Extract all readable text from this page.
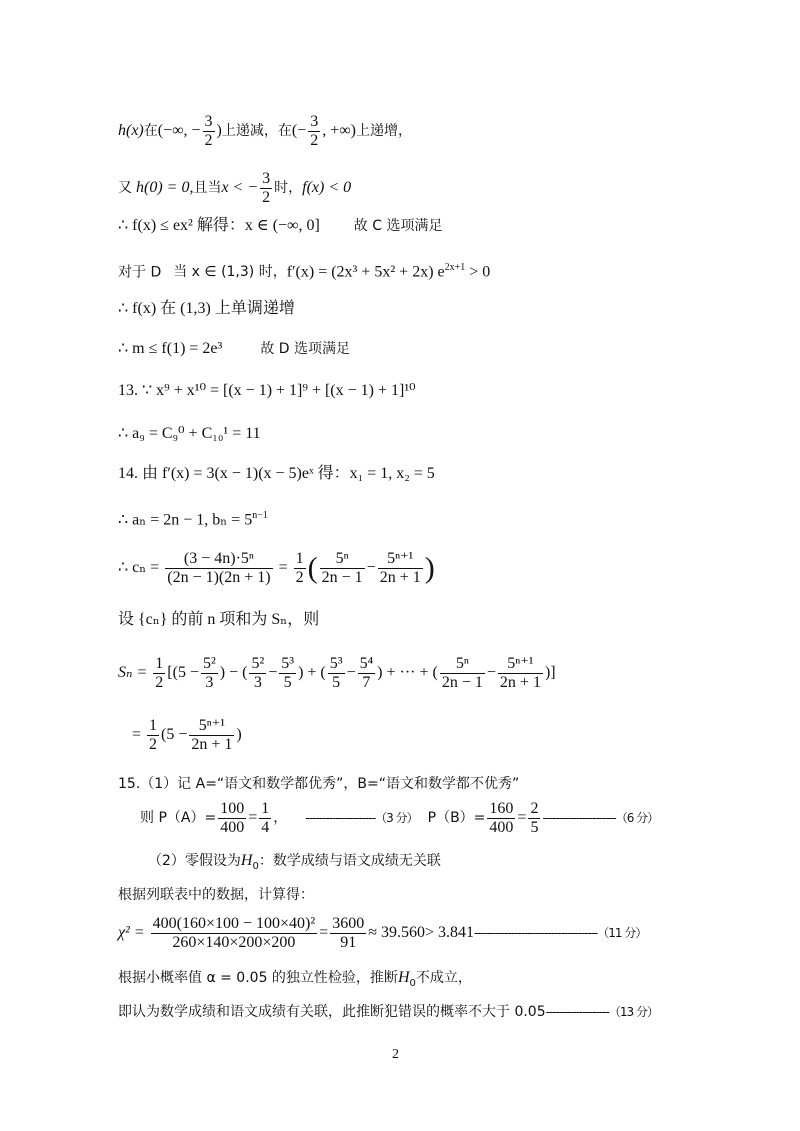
h(x)在(−∞, − $\frac{3}{2}$ )上递减，在(− $\frac{3}{2}$ , +∞)上递增，
又 h(0) = 0,且当x < − $\frac{3}{2}$ 时，f(x) < 0
∴ f(x) ≤ ex² 解得：x ∈ (−∞, 0] 故 C 选项满足
对于 D 当 x ∈ (1,3) 时，f′(x) = (2x³ + 5x² + 2x) $e^{2x+1} > 0$
∴ f(x) 在 (1,3) 上单调递增
∴ m ≤ f(1) = 2e³	故 D 选项满足
13. ∵ x⁹ + x¹⁰ = [(x − 1) + 1]⁹ + [(x − 1) + 1]¹⁰
∴ a₉ = C₉⁰ + C₁₀¹ = 11
14. 由 f′(x) = 3(x − 1)(x − 5)eˣ 得：x₁ = 1, x₂ = 5
∴ aₙ = 2n − 1, $b_n = 5^{n-1}$
∴ $c_n = \frac{\text{(3 − 4n)·5ⁿ}}{(2n - 1)(2n + 1)} = \frac{1}{2}$ ( $\frac{\text{5ⁿ}}{2n - 1} - \frac{\text{5ⁿ⁺¹}}{2n + 1}$ )
设 {cₙ} 的前 n 项和为 Sₙ，则
$S_n = \frac{1}{2} [(5 - \frac{\text{5²}}{3}$ ) − ( $\frac{\text{5²}}{3} - \frac{\text{5³}}{5}$ ) + ( $\frac{\text{5³}}{5} - \frac{\text{5⁴}}{7}$ ) + ··· + ( $\frac{\text{5ⁿ}}{2n - 1} - \frac{\text{5ⁿ⁺¹}}{2n + 1}$ )]
= $\frac{1}{2} (5 - \frac{\text{5ⁿ⁺¹}}{2n + 1}$ )
15.（1）记 A=“语文和数学都优秀”，B=“语文和数学都不优秀”
则 $P(A)= \frac{100}{400} = \frac{1}{4}$ ， ---------------------（3 分） $P(B)= \frac{160}{400} = \frac{2}{5} ----------------------(6$ 分）
（2）零假设为$H_0$：数学成绩与语文成绩无关联
根据列联表中的数据，计算得：
$\chi^2 = \frac{\text{400(160×100 − 100×40)²}}{260\times 140\times 200\times 200} = \frac{3600}{91} \approx 39.560> 3.841-------------------------------------(11$ 分）
根据小概率值 α = 0.05 的独立性检验，推断$H_0$不成立，
即认为数学成绩和语文成绩有关联，此推断犯错误的概率不大于 0.05-------------------（13 分）
2
